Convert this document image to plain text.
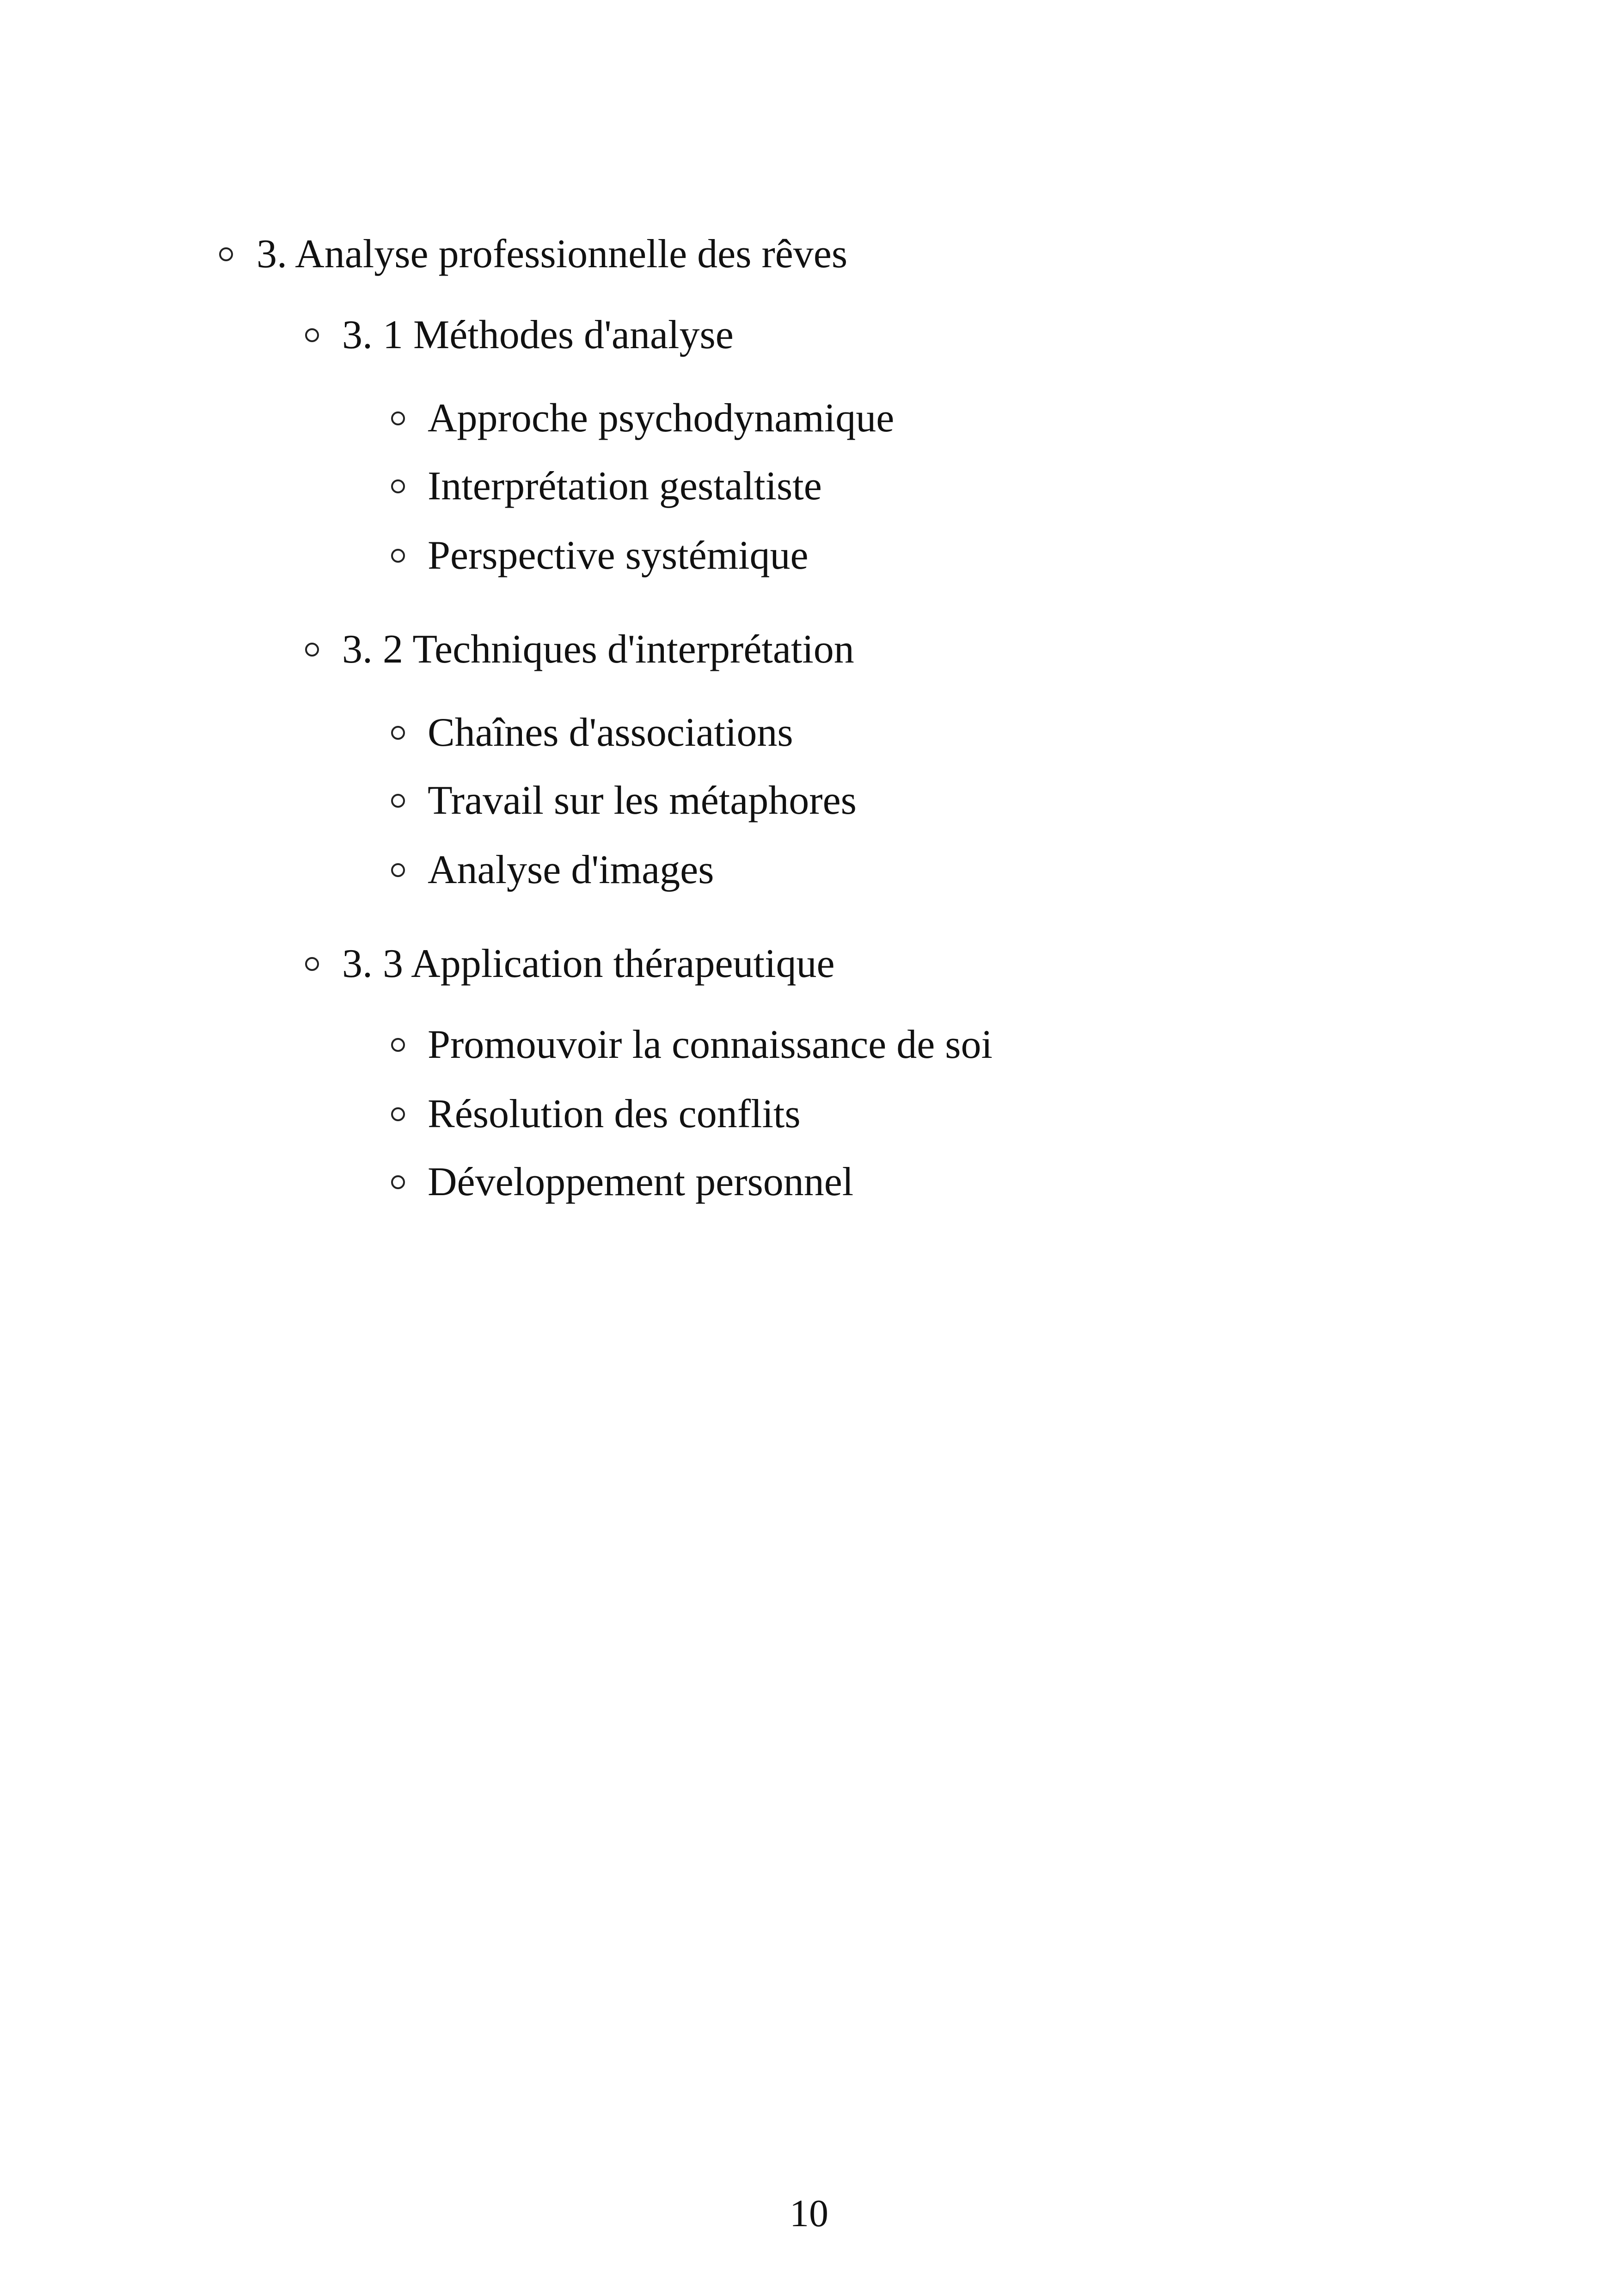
3. Analyse professionnelle des rêves
3. 1 Méthodes d'analyse
Approche psychodynamique
Interprétation gestaltiste
Perspective systémique
3. 2 Techniques d'interprétation
Chaînes d'associations
Travail sur les métaphores
Analyse d'images
3. 3 Application thérapeutique
Promouvoir la connaissance de soi
Résolution des conflits
Développement personnel
10
